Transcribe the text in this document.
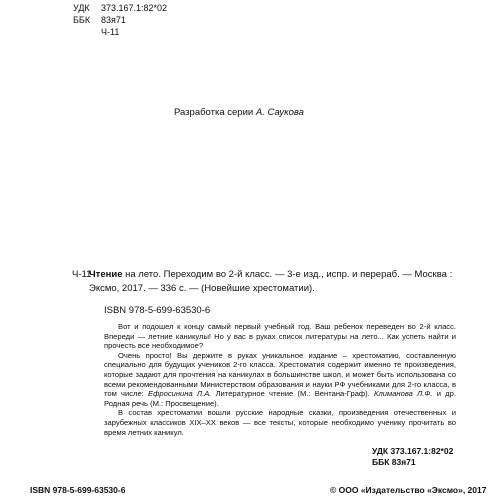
УДК 373.167.1:82*02
ББК 83я71
Ч-11
Разработка серии А. Саукова
Ч-11
Чтение на лето. Переходим во 2-й класс. — 3-е изд., испр. и перераб. — Москва : Эксмо, 2017. — 336 с. — (Новейшие хрестоматии).
ISBN 978-5-699-63530-6

Вот и подошел к концу самый первый учебный год. Ваш ребенок переведен во 2-й класс. Впереди — летние каникулы! Но у вас в руках список литературы на лето... Как успеть найти и прочесть все необходимое?

Очень просто! Вы держите в руках уникальное издание – хрестоматию, составленную специально для будущих учеников 2-го класса. Хрестоматия содержит именно те произведения, которые задают для прочтения на каникулах в большинстве школ, и может быть использована со всеми рекомендованными Министерством образования и науки РФ учебниками для 2-го класса, в том числе: Ефросинина Л.А. Литературное чтение (М.: Вентана-Граф). Климанова Л.Ф. и др. Родная речь (М.: Просвещение).

В состав хрестоматии вошли русские народные сказки, произведения отечественных и зарубежных классиков XIX–XX веков — все тексты, которые необходимо ученику прочитать во время летних каникул.

УДК 373.167.1:82*02
ББК 83я71
ISBN 978-5-699-63530-6	© ООО «Издательство «Эксмо», 2017
